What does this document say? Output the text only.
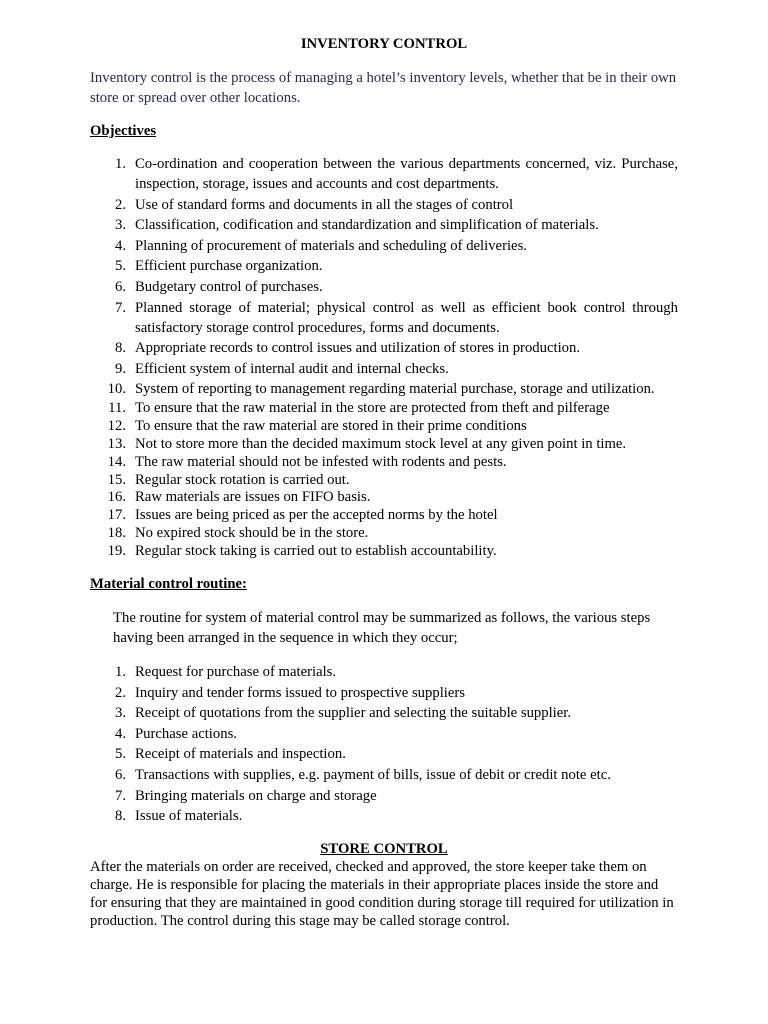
INVENTORY CONTROL

Inventory control is the process of managing a hotel’s inventory levels, whether that be in their own store or spread over other locations.

Objectives

1. Co-ordination and cooperation between the various departments concerned, viz. Purchase, inspection, storage, issues and accounts and cost departments.
2. Use of standard forms and documents in all the stages of control
3. Classification, codification and standardization and simplification of materials.
4. Planning of procurement of materials and scheduling of deliveries.
5. Efficient purchase organization.
6. Budgetary control of purchases.
7. Planned storage of material; physical control as well as efficient book control through satisfactory storage control procedures, forms and documents.
8. Appropriate records to control issues and utilization of stores in production.
9. Efficient system of internal audit and internal checks.
10. System of reporting to management regarding material purchase, storage and utilization.
11. To ensure that the raw material in the store are protected from theft and pilferage
12. To ensure that the raw material are stored in their prime conditions
13. Not to store more than the decided maximum stock level at any given point in time.
14. The raw material should not be infested with rodents and pests.
15. Regular stock rotation is carried out.
16. Raw materials are issues on FIFO basis.
17. Issues are being priced as per the accepted norms by the hotel
18. No expired stock should be in the store.
19. Regular stock taking is carried out to establish accountability.

Material control routine:

The routine for system of material control may be summarized as follows, the various steps having been arranged in the sequence in which they occur;

1. Request for purchase of materials.
2. Inquiry and tender forms issued to prospective suppliers
3. Receipt of quotations from the supplier and selecting the suitable supplier.
4. Purchase actions.
5. Receipt of materials and inspection.
6. Transactions with supplies, e.g. payment of bills, issue of debit or credit note etc.
7. Bringing materials on charge and storage
8. Issue of materials.

STORE CONTROL

After the materials on order are received, checked and approved, the store keeper take them on charge. He is responsible for placing the materials in their appropriate places inside the store and for ensuring that they are maintained in good condition during storage till required for utilization in production. The control during this stage may be called storage control.
